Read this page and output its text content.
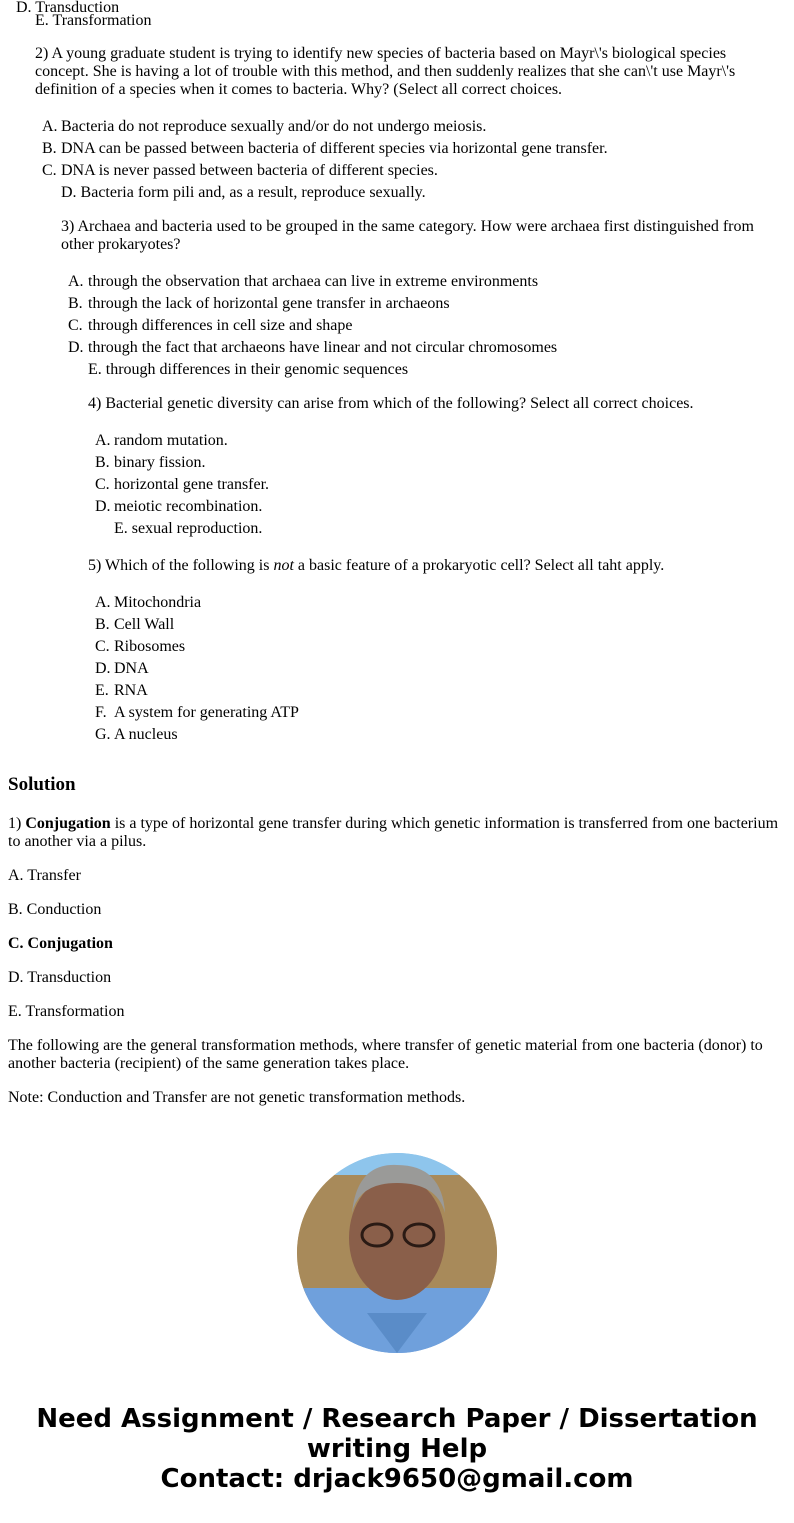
D. Transduction
E. Transformation
2) A young graduate student is trying to identify new species of bacteria based on Mayr\'s biological species concept. She is having a lot of trouble with this method, and then suddenly realizes that she can\'t use Mayr\'s definition of a species when it comes to bacteria. Why? (Select all correct choices.
A. Bacteria do not reproduce sexually and/or do not undergo meiosis.
B. DNA can be passed between bacteria of different species via horizontal gene transfer.
C. DNA is never passed between bacteria of different species.
D. Bacteria form pili and, as a result, reproduce sexually.
3) Archaea and bacteria used to be grouped in the same category. How were archaea first distinguished from other prokaryotes?
A. through the observation that archaea can live in extreme environments
B. through the lack of horizontal gene transfer in archaeons
C. through differences in cell size and shape
D. through the fact that archaeons have linear and not circular chromosomes
E. through differences in their genomic sequences
4) Bacterial genetic diversity can arise from which of the following? Select all correct choices.
A. random mutation.
B. binary fission.
C. horizontal gene transfer.
D. meiotic recombination.
E. sexual reproduction.
5) Which of the following is not a basic feature of a prokaryotic cell? Select all taht apply.
A. Mitochondria
B. Cell Wall
C. Ribosomes
D. DNA
E. RNA
F. A system for generating ATP
G. A nucleus
Solution
1) Conjugation is a type of horizontal gene transfer during which genetic information is transferred from one bacterium to another via a pilus.
A. Transfer
B. Conduction
C. Conjugation
D. Transduction
E. Transformation
The following are the general transformation methods, where transfer of genetic material from one bacteria (donor) to another bacteria (recipient) of the same generation takes place.
Note: Conduction and Transfer are not genetic transformation methods.
Need Assignment / Research Paper / Dissertation
writing Help
Contact: drjack9650@gmail.com
